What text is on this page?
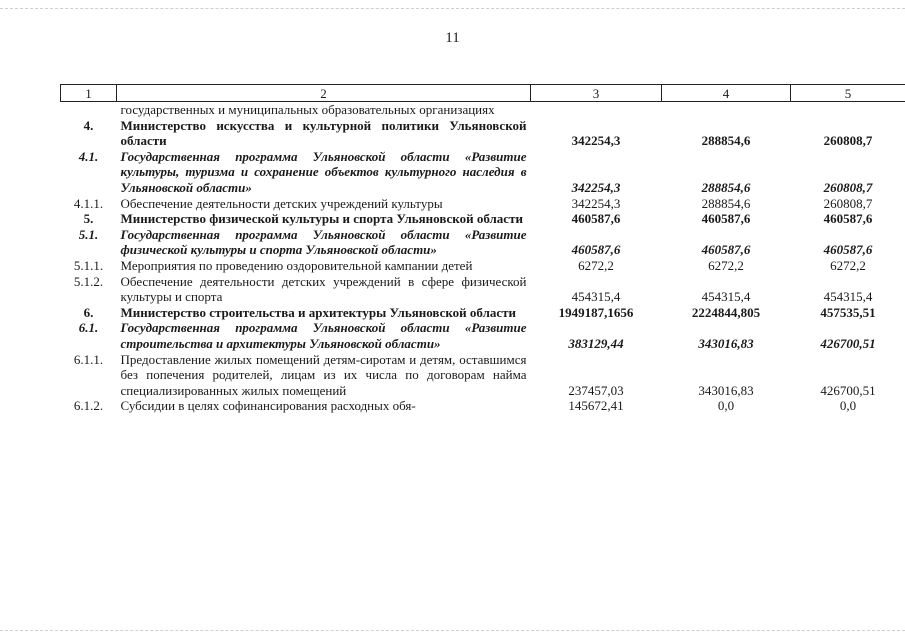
11
1	2	3	4	5
	государственных и муниципальных образовательных организациях			
4.	Министерство искусства и культурной политики Ульяновской области	342254,3	288854,6	260808,7
4.1.	Государственная программа Ульяновской области «Развитие культуры, туризма и сохранение объектов культурного наследия в Ульяновской области»	342254,3	288854,6	260808,7
4.1.1.	Обеспечение деятельности детских учреждений культуры	342254,3	288854,6	260808,7
5.	Министерство физической культуры и спорта Ульяновской области	460587,6	460587,6	460587,6
5.1.	Государственная программа Ульяновской области «Развитие физической культуры и спорта Ульяновской области»	460587,6	460587,6	460587,6
5.1.1.	Мероприятия по проведению оздоровительной кампании детей	6272,2	6272,2	6272,2
5.1.2.	Обеспечение деятельности детских учреждений в сфере физической культуры и спорта	454315,4	454315,4	454315,4
6.	Министерство строительства и архитектуры Ульяновской области	1949187,1656	2224844,805	457535,51
6.1.	Государственная программа Ульяновской области «Развитие строительства и архитектуры Ульяновской области»	383129,44	343016,83	426700,51
6.1.1.	Предоставление жилых помещений детям-сиротам и детям, оставшимся без попечения родителей, лицам из их числа по договорам найма специализированных жилых помещений	237457,03	343016,83	426700,51
6.1.2.	Субсидии в целях софинансирования расходных обя-	145672,41	0,0	0,0
